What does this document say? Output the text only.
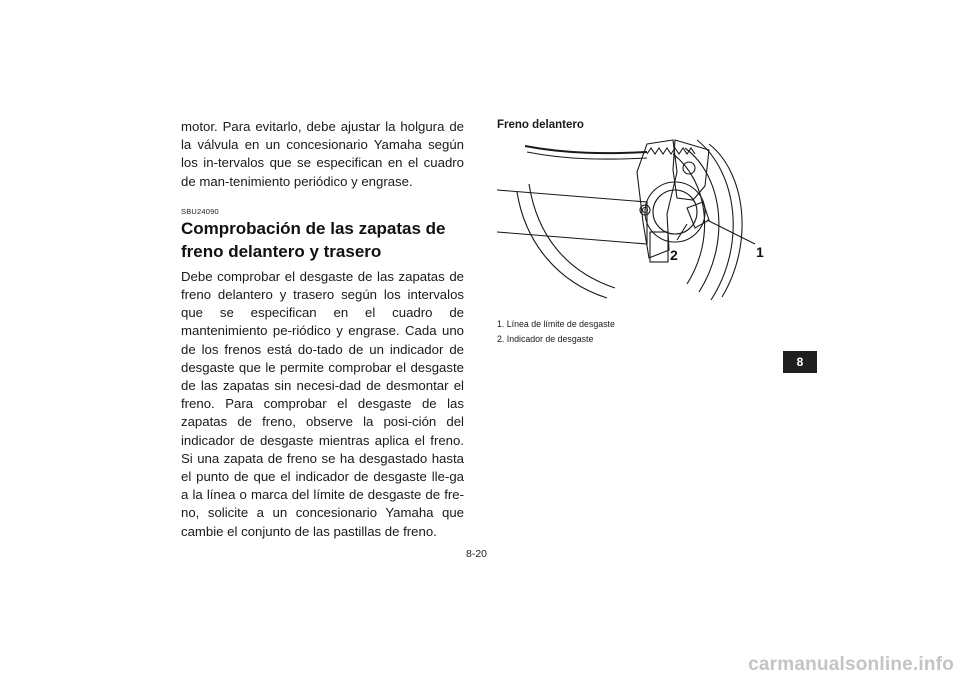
motor. Para evitarlo, debe ajustar la holgura de la válvula en un concesionario Yamaha según los in-tervalos que se especifican en el cuadro de man-tenimiento periódico y engrase.

SBU24090
Comprobación de las zapatas de freno delantero y trasero

Debe comprobar el desgaste de las zapatas de freno delantero y trasero según los intervalos que se especifican en el cuadro de mantenimiento pe-riódico y engrase. Cada uno de los frenos está do-tado de un indicador de desgaste que le permite comprobar el desgaste de las zapatas sin necesi-dad de desmontar el freno. Para comprobar el desgaste de las zapatas de freno, observe la posi-ción del indicador de desgaste mientras aplica el freno. Si una zapata de freno se ha desgastado hasta el punto de que el indicador de desgaste lle-ga a la línea o marca del límite de desgaste de fre-no, solicite a un concesionario Yamaha que cambie el conjunto de las pastillas de freno.

Freno delantero

1
2
1. Línea de límite de desgaste
2. Indicador de desgaste
8
8-20
carmanualsonline.info
